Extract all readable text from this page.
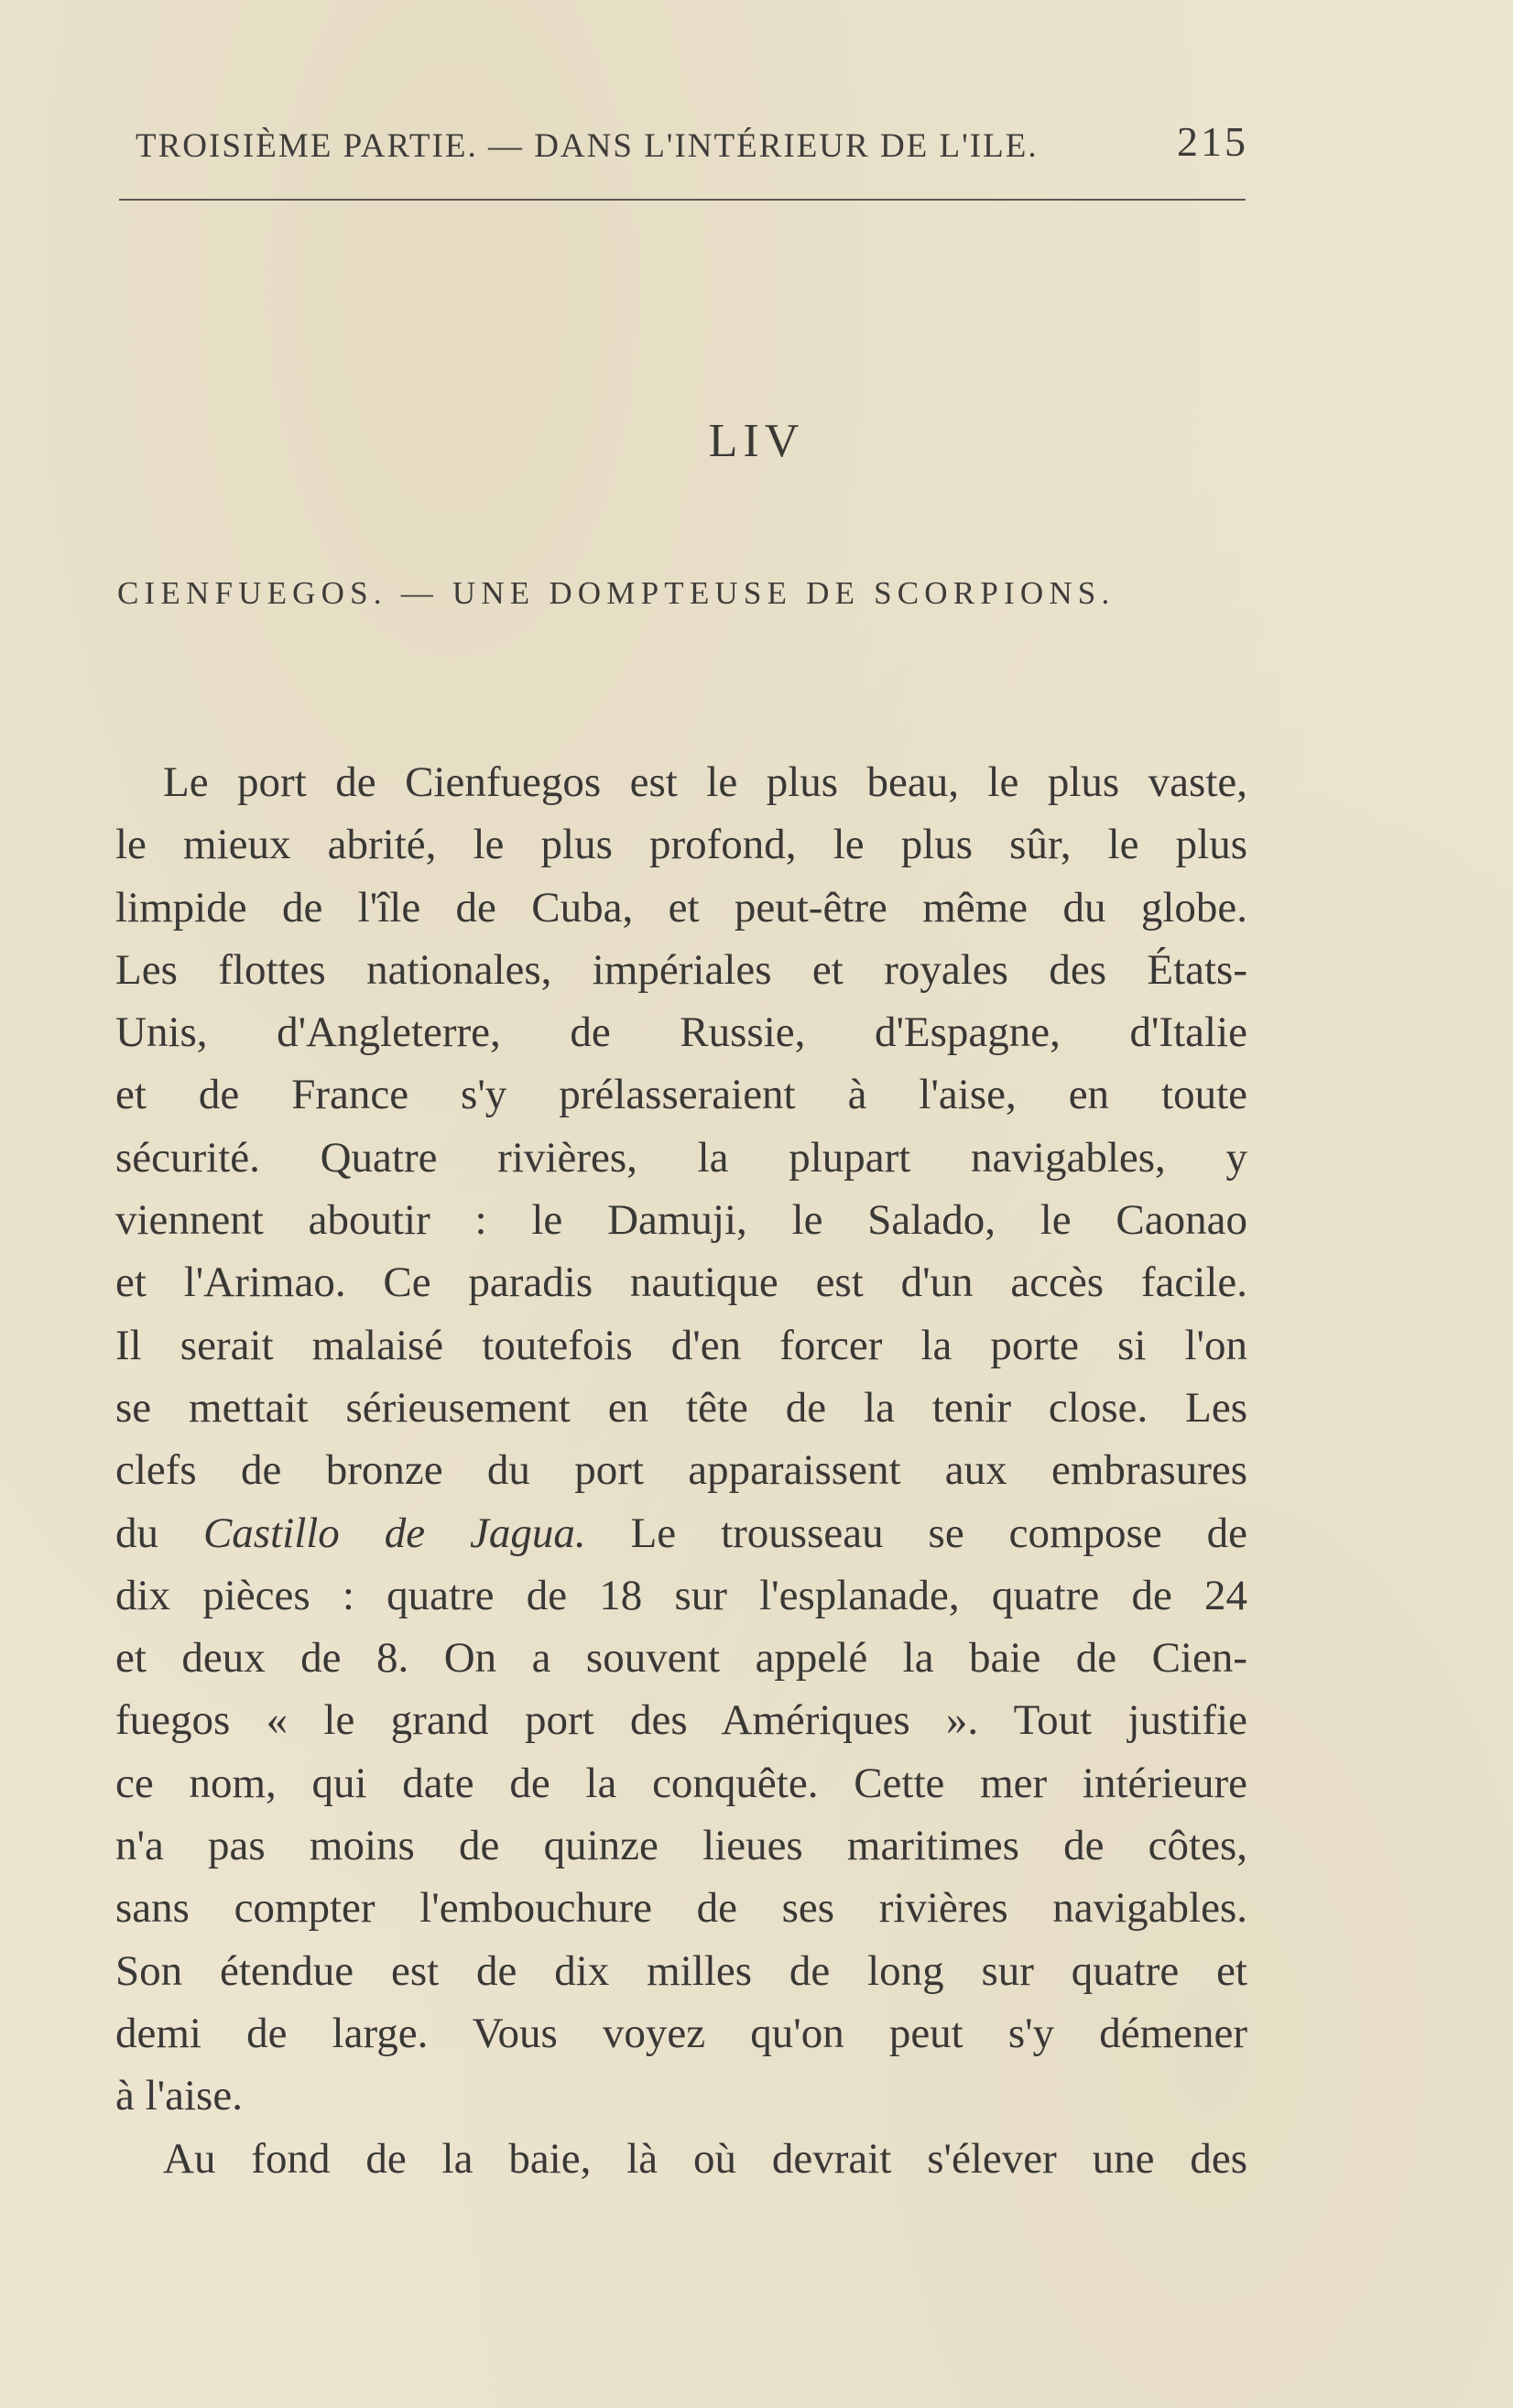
TROISIÈME PARTIE. — DANS L'INTÉRIEUR DE L'ILE.	215
LIV
CIENFUEGOS. — UNE DOMPTEUSE DE SCORPIONS.
Le port de Cienfuegos est le plus beau, le plus vaste,
le mieux abrité, le plus profond, le plus sûr, le plus
limpide de l'île de Cuba, et peut-être même du globe.
Les flottes nationales, impériales et royales des États-
Unis, d'Angleterre, de Russie, d'Espagne, d'Italie
et de France s'y prélasseraient à l'aise, en toute
sécurité. Quatre rivières, la plupart navigables, y
viennent aboutir : le Damuji, le Salado, le Caonao
et l'Arimao. Ce paradis nautique est d'un accès facile.
Il serait malaisé toutefois d'en forcer la porte si l'on
se mettait sérieusement en tête de la tenir close. Les
clefs de bronze du port apparaissent aux embrasures
du Castillo de Jagua. Le trousseau se compose de
dix pièces : quatre de 18 sur l'esplanade, quatre de 24
et deux de 8. On a souvent appelé la baie de Cien-
fuegos « le grand port des Amériques ». Tout justifie
ce nom, qui date de la conquête. Cette mer intérieure
n'a pas moins de quinze lieues maritimes de côtes,
sans compter l'embouchure de ses rivières navigables.
Son étendue est de dix milles de long sur quatre et
demi de large. Vous voyez qu'on peut s'y démener
à l'aise.
Au fond de la baie, là où devrait s'élever une des
